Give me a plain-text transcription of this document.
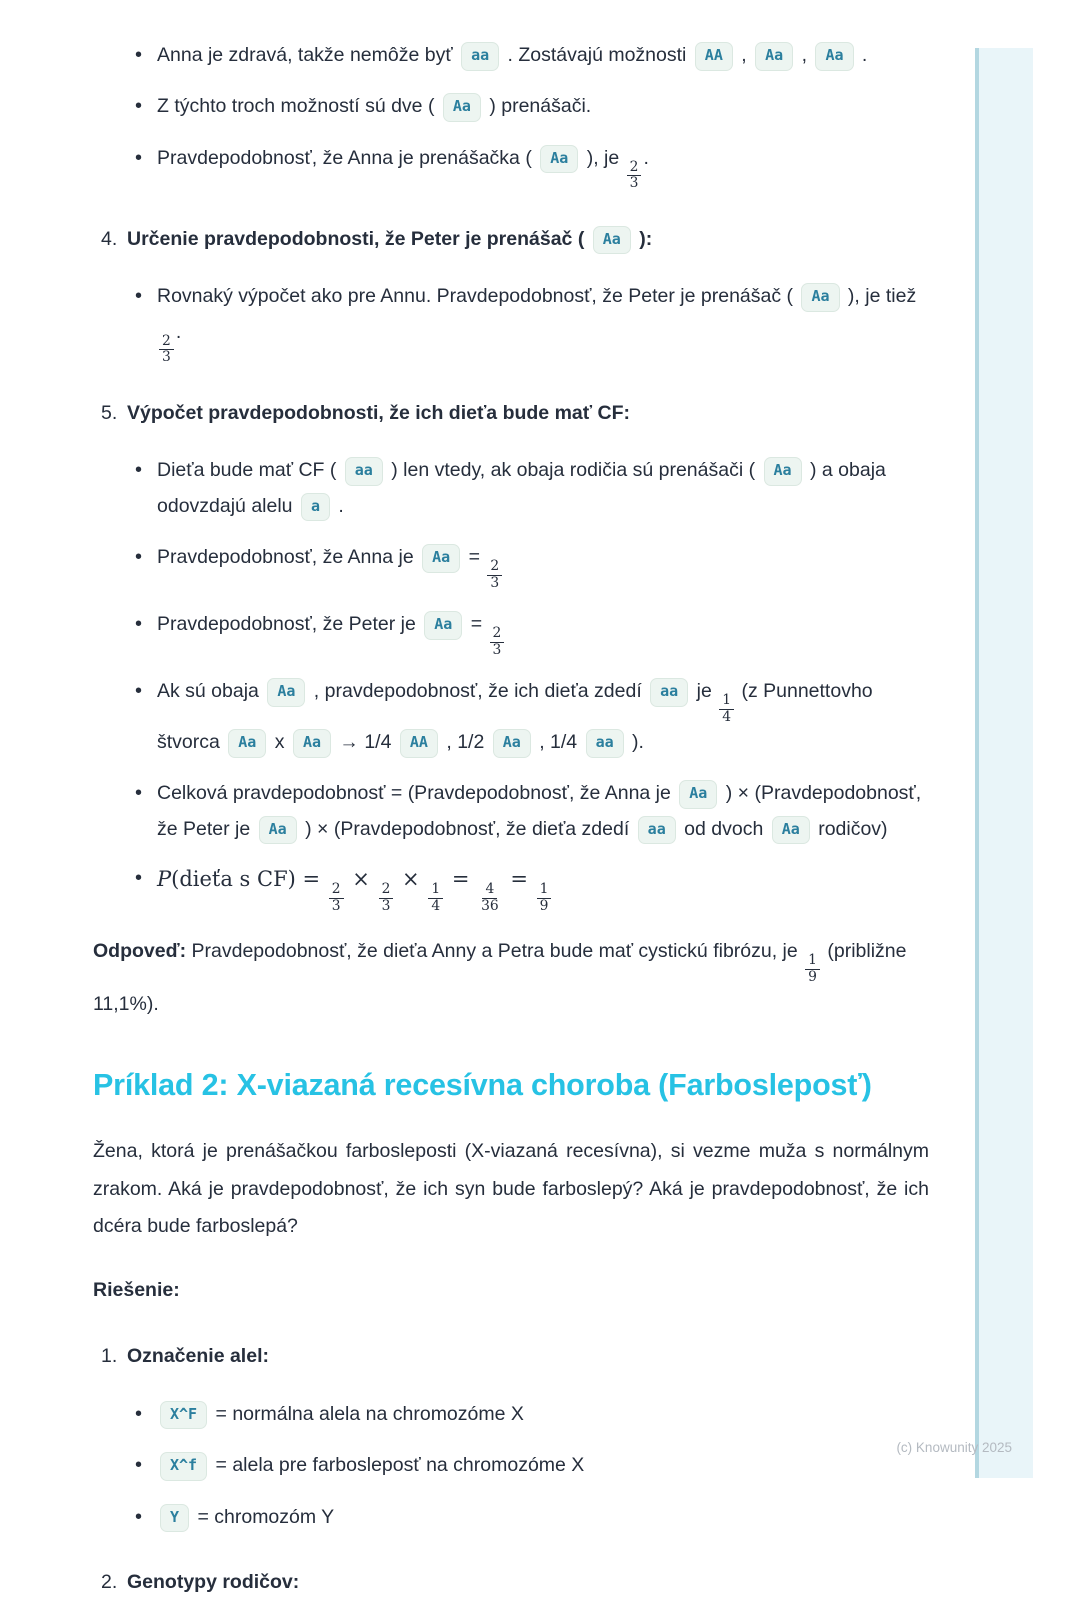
(c) Knowunity 2025
• Anna je zdravá, takže nemôže byť aa . Zostávajú možnosti AA , Aa , Aa .
• Z týchto troch možností sú dve ( Aa ) prenášači.
• Pravdepodobnosť, že Anna je prenášačka ( Aa ), je
$\frac{2}{3}$
.
4. Určenie pravdepodobnosti, že Peter je prenášač ( Aa ):
• Rovnaký výpočet ako pre Annu. Pravdepodobnosť, že Peter je prenášač ( Aa ), je tiež
$\frac{2}{3}$
.
5. Výpočet pravdepodobnosti, že ich dieťa bude mať CF:
• Dieťa bude mať CF ( aa ) len vtedy, ak obaja rodičia sú prenášači ( Aa ) a obaja odovzdajú alelu a .
• Pravdepodobnosť, že Anna je Aa =
$\frac{2}{3}$
• Pravdepodobnosť, že Peter je Aa =
$\frac{2}{3}$
• Ak sú obaja Aa , pravdepodobnosť, že ich dieťa zdedí aa je
$\frac{1}{4}$
(z Punnettovho štvorca Aa x Aa → 1/4 AA , 1/2 Aa , 1/4 aa ).
• Celková pravdepodobnosť = (Pravdepodobnosť, že Anna je Aa ) × (Pravdepodobnosť, že Peter je Aa ) × (Pravdepodobnosť, že dieťa zdedí aa od dvoch Aa rodičov)
• P(dieťa s CF) =
$\frac{2}{3}$
×
$\frac{2}{3}$
×
$\frac{1}{4}$
=
$\frac{4}{36}$
=
$\frac{1}{9}$

Odpoveď: Pravdepodobnosť, že dieťa Anny a Petra bude mať cystickú fibrózu, je
$\frac{1}{9}$
(približne 11,1%).

Príklad 2: X-viazaná recesívna choroba (Farbosleposť)

Žena, ktorá je prenášačkou farbosleposti (X-viazaná recesívna), si vezme muža s normálnym zrakom. Aká je pravdepodobnosť, že ich syn bude farboslepý? Aká je pravdepodobnosť, že ich dcéra bude farboslepá?

Riešenie:

1. Označenie alel:
• X^F = normálna alela na chromozóme X
• X^f = alela pre farbosleposť na chromozóme X
• Y = chromozóm Y
2. Genotypy rodičov:
